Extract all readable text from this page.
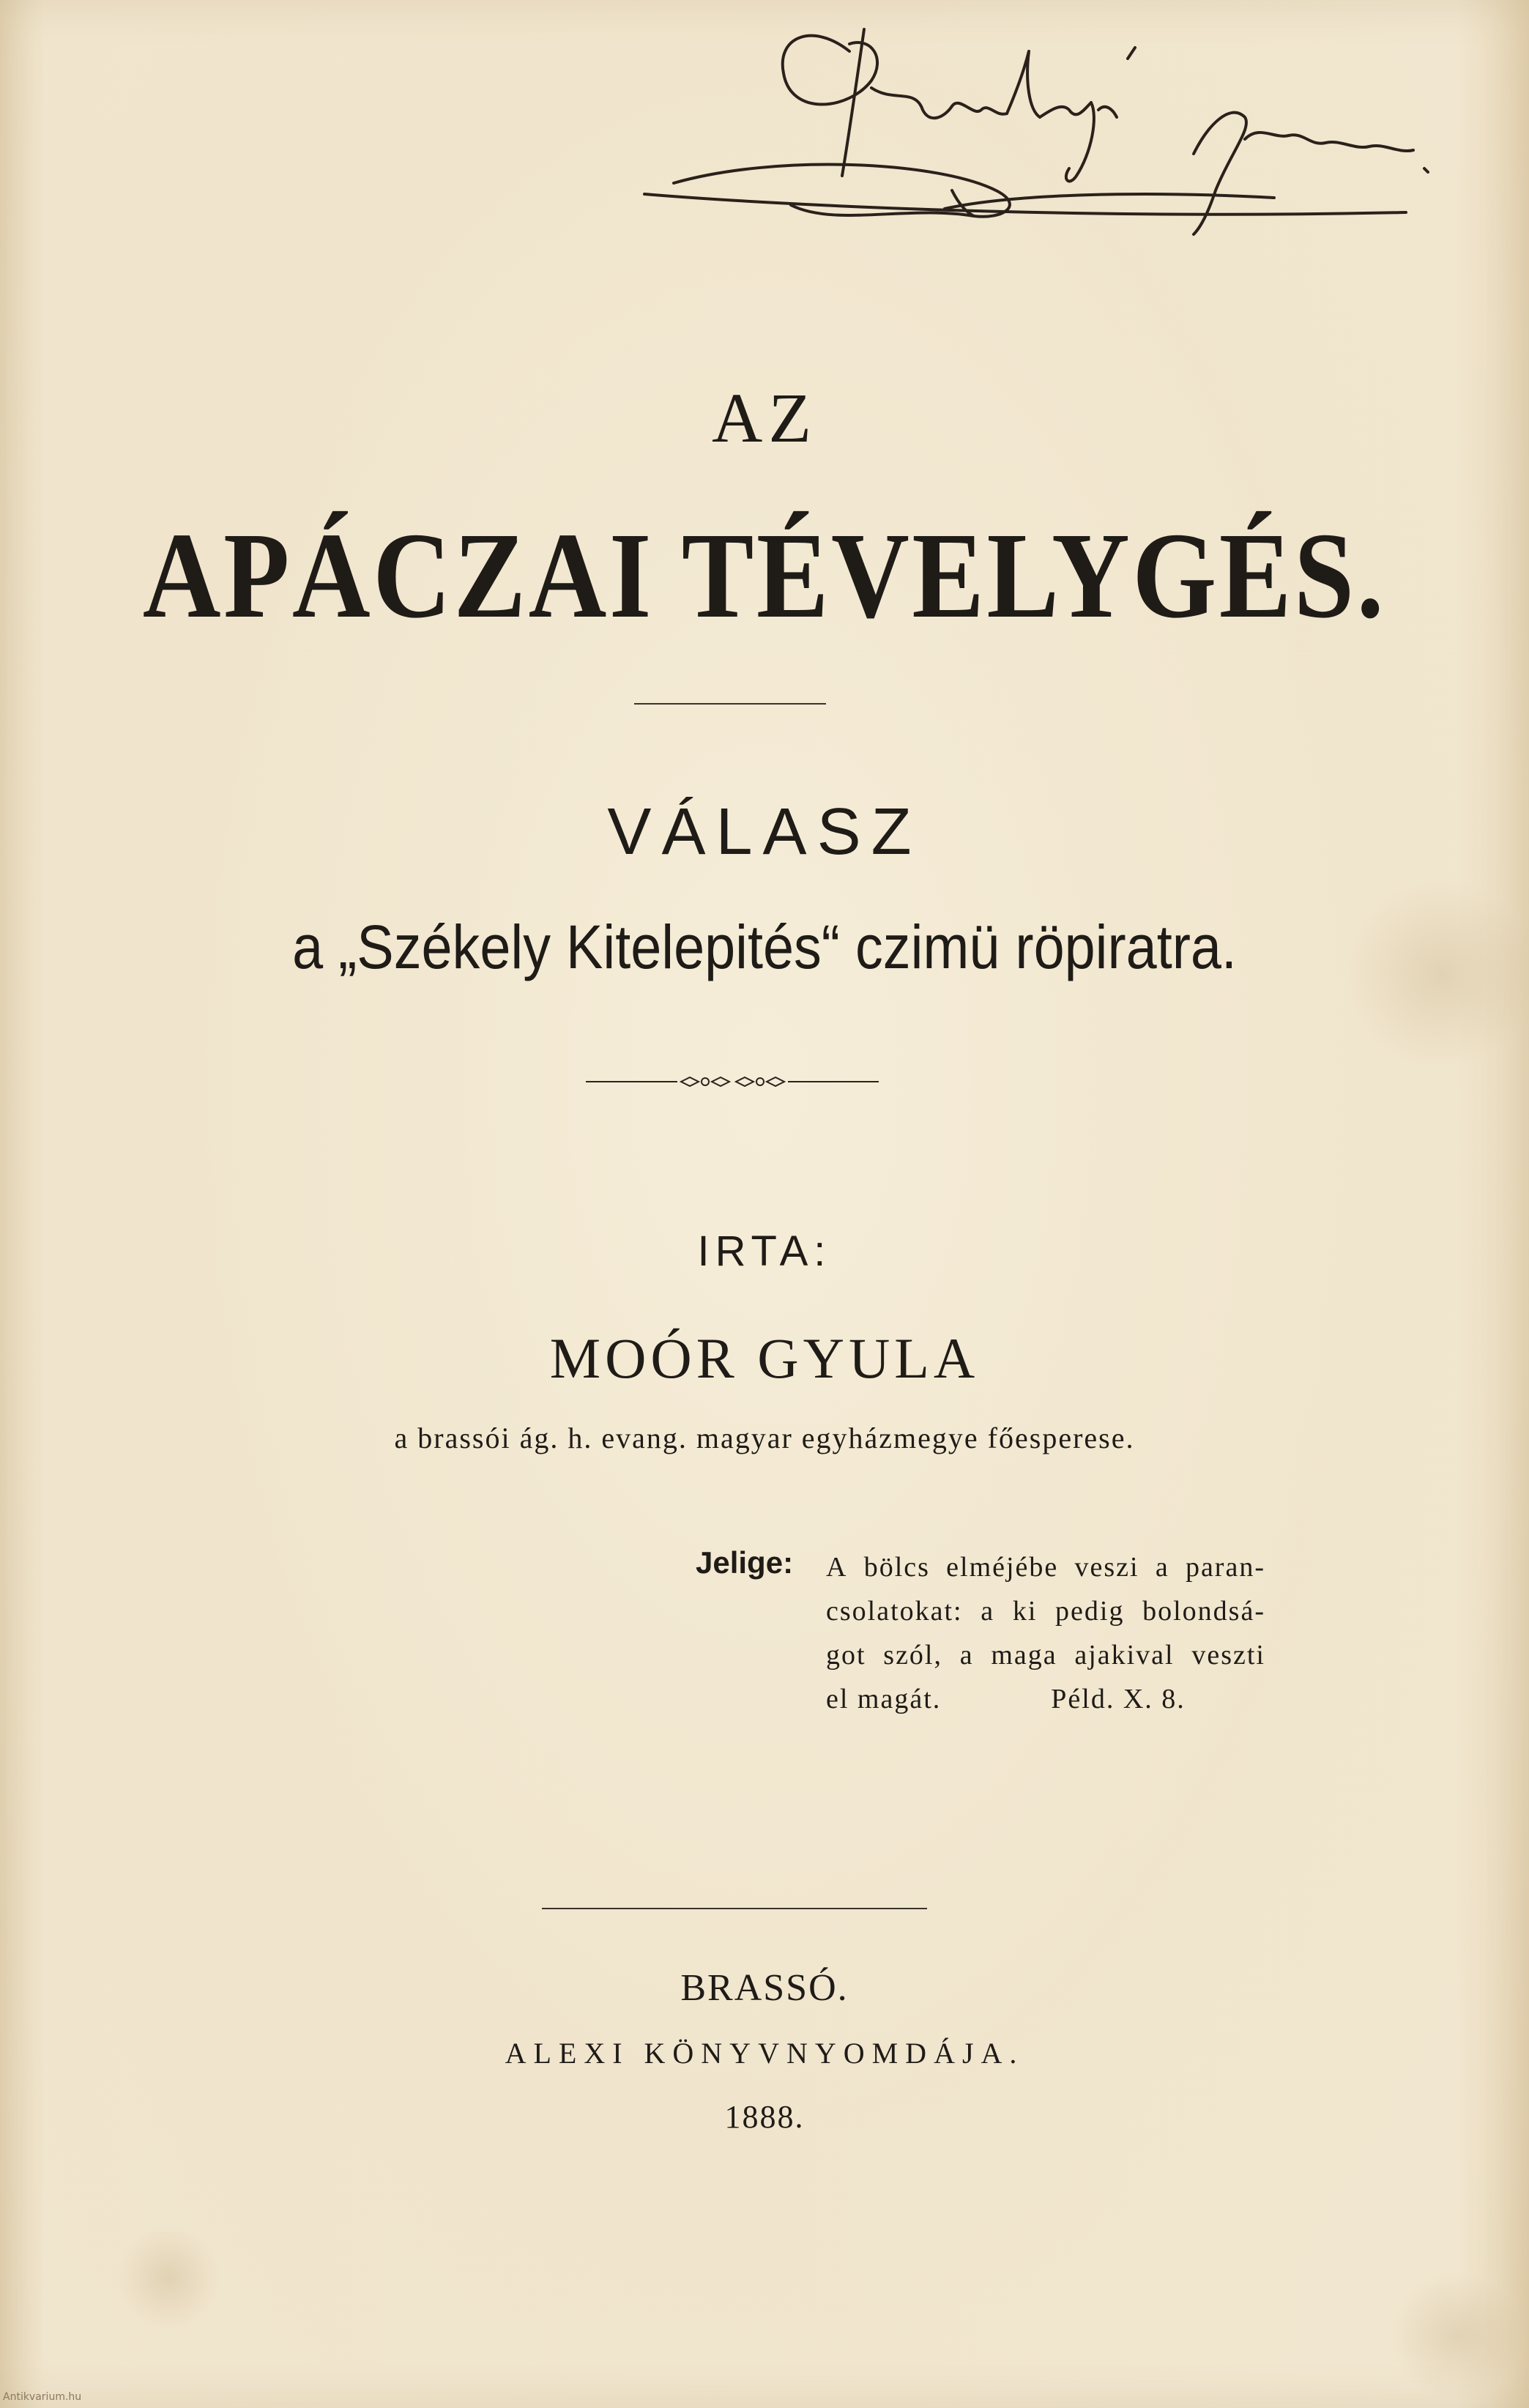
AZ
APÁCZAI TÉVELYGÉS.
VÁLASZ
a „Székely Kitelepités“ czimü röpiratra.
IRTA:
MOÓR GYULA
a brassói ág. h. evang. magyar egyházmegye főesperese.
Jelige: A bölcs elméjébe veszi a paran-
csolatokat: a ki pedig bolondsá-
got szól, a maga ajakival veszti
el magát.	Péld. X. 8.
BRASSÓ.
ALEXI KÖNYVNYOMDÁJA.
1888.
Antikvarium.hu
